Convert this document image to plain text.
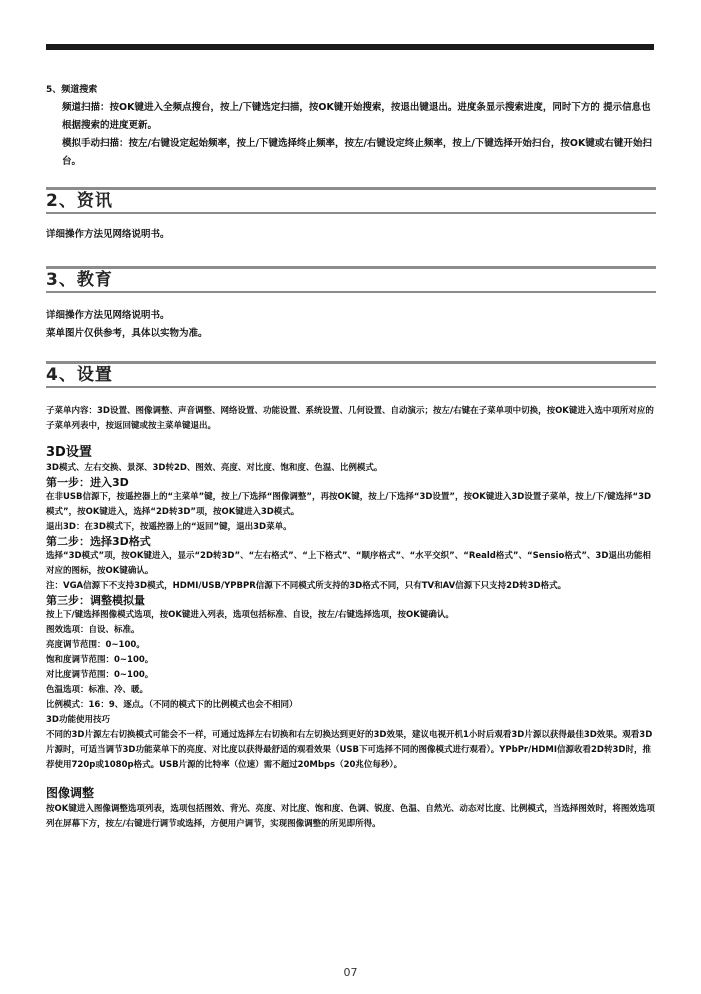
5、频道搜索

频道扫描：按OK键进入全频点搜台，按上/下键选定扫描，按OK键开始搜索，按退出键退出。进度条显示搜索进度，同时下方的 提示信息也根据搜索的进度更新。

模拟手动扫描：按左/右键设定起始频率，按上/下键选择终止频率，按左/右键设定终止频率，按上/下键选择开始扫台，按OK键或右键开始扫台。

2、资讯

详细操作方法见网络说明书。

3、教育

详细操作方法见网络说明书。

菜单图片仅供参考，具体以实物为准。

4、设置

子菜单内容：3D设置、图像调整、声音调整、网络设置、功能设置、系统设置、几何设置、自动演示；按左/右键在子菜单项中切换，按OK键进入选中项所对应的子菜单列表中，按返回键或按主菜单键退出。

3D设置

3D模式、左右交换、景深、3D转2D、图效、亮度、对比度、饱和度、色温、比例模式。

第一步：进入3D

在非USB信源下，按遥控器上的“主菜单”键，按上/下选择“图像调整”，再按OK键，按上/下选择“3D设置”，按OK键进入3D设置子菜单，按上/下/键选择“3D模式”，按OK键进入，选择“2D转3D”项，按OK键进入3D模式。

退出3D：在3D模式下，按遥控器上的“返回”键，退出3D菜单。

第二步：选择3D格式

选择“3D模式”项，按OK键进入，显示“2D转3D”、“左右格式”、“上下格式”、“顺序格式”、“水平交织”、“Reald格式”、“Sensio格式”、3D退出功能相对应的图标，按OK键确认。

注：VGA信源下不支持3D模式，HDMI/USB/YPBPR信源下不同模式所支持的3D格式不同，只有TV和AV信源下只支持2D转3D格式。

第三步：调整模拟量

按上下/键选择图像模式选项，按OK键进入列表，选项包括标准、自设，按左/右键选择选项，按OK键确认。

图效选项：自设、标准。

亮度调节范围：0~100。

饱和度调节范围：0~100。

对比度调节范围：0~100。

色温选项：标准、冷、暖。

比例模式：16：9、逐点。（不同的模式下的比例模式也会不相同）

3D功能使用技巧

不同的3D片源左右切换模式可能会不一样，可通过选择左右切换和右左切换达到更好的3D效果，建议电视开机1小时后观看3D片源以获得最佳3D效果。观看3D片源时，可适当调节3D功能菜单下的亮度、对比度以获得最舒适的观看效果（USB下可选择不同的图像模式进行观看）。YPbPr/HDMI信源收看2D转3D时，推荐使用720p或1080p格式。USB片源的比特率（位速）需不超过20Mbps（20兆位每秒）。

图像调整

按OK键进入图像调整选项列表，选项包括图效、背光、亮度、对比度、饱和度、色调、锐度、色温、自然光、动态对比度、比例模式，当选择图效时，将图效选项列在屏幕下方，按左/右键进行调节或选择，方便用户调节，实现图像调整的所见即所得。

07
